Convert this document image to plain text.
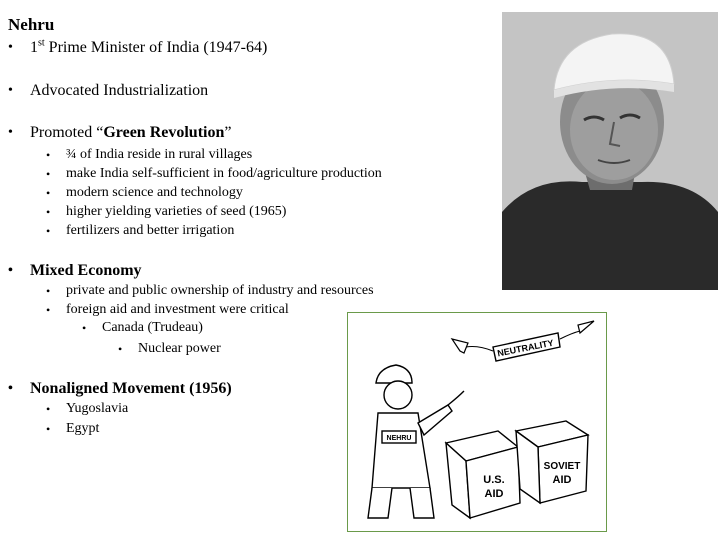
Nehru
• 1st Prime Minister of India (1947-64)
• Advocated Industrialization
• Promoted “Green Revolution”
• ¾ of India reside in rural villages
• make India self-sufficient in food/agriculture production
• modern science and technology
• higher yielding varieties of seed (1965)
• fertilizers and better irrigation
• Mixed Economy
• private and public ownership of industry and resources
• foreign aid and investment were critical
• Canada (Trudeau)
• Nuclear power
• Nonaligned Movement (1956)
• Yugoslavia
• Egypt
NEUTRALITY
NEHRU
U.S.
AID
SOVIET
AID
